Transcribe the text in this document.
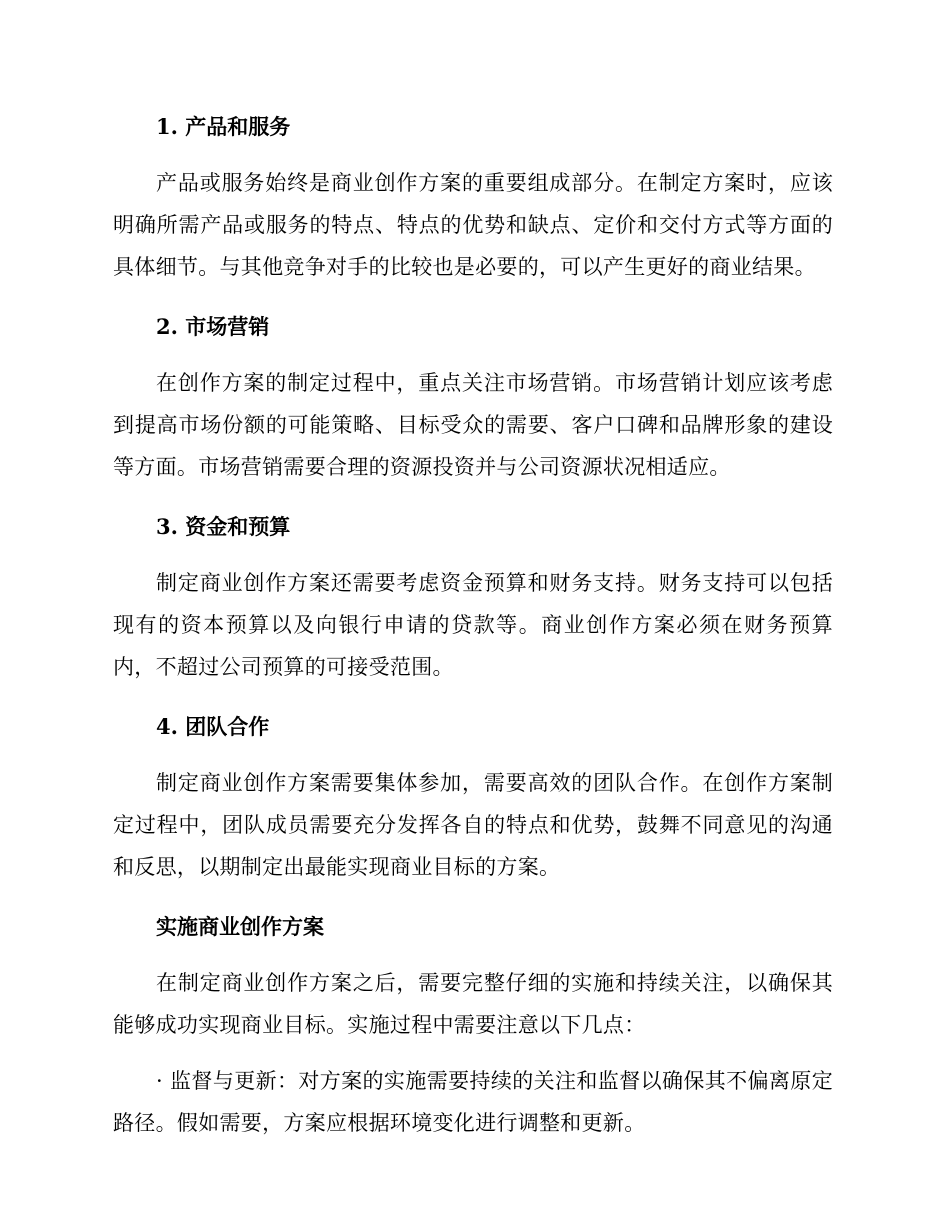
1. 产品和服务

产品或服务始终是商业创作方案的重要组成部分。在制定方案时，应该明确所需产品或服务的特点、特点的优势和缺点、定价和交付方式等方面的具体细节。与其他竞争对手的比较也是必要的，可以产生更好的商业结果。

2. 市场营销

在创作方案的制定过程中，重点关注市场营销。市场营销计划应该考虑到提高市场份额的可能策略、目标受众的需要、客户口碑和品牌形象的建设等方面。市场营销需要合理的资源投资并与公司资源状况相适应。

3. 资金和预算

制定商业创作方案还需要考虑资金预算和财务支持。财务支持可以包括现有的资本预算以及向银行申请的贷款等。商业创作方案必须在财务预算内，不超过公司预算的可接受范围。

4. 团队合作

制定商业创作方案需要集体参加，需要高效的团队合作。在创作方案制定过程中，团队成员需要充分发挥各自的特点和优势，鼓舞不同意见的沟通和反思，以期制定出最能实现商业目标的方案。

实施商业创作方案

在制定商业创作方案之后，需要完整仔细的实施和持续关注，以确保其能够成功实现商业目标。实施过程中需要注意以下几点：

· 监督与更新：对方案的实施需要持续的关注和监督以确保其不偏离原定路径。假如需要，方案应根据环境变化进行调整和更新。
